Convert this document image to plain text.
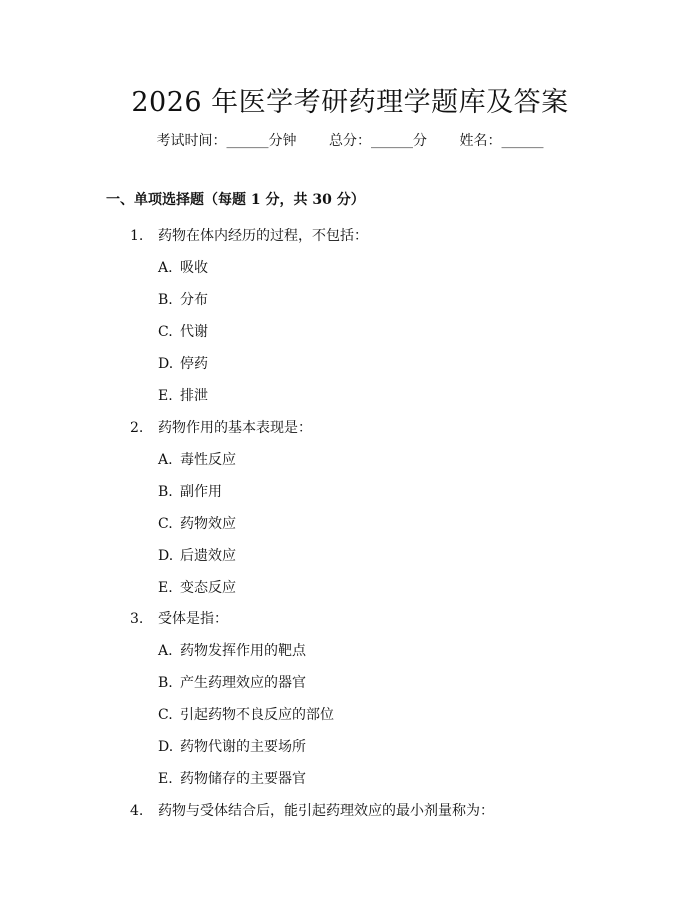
2026 年医学考研药理学题库及答案
考试时间：______分钟 总分：______分 姓名：______
一、单项选择题（每题 1 分，共 30 分）
1. 药物在体内经历的过程，不包括：
A. 吸收
B. 分布
C. 代谢
D. 停药
E. 排泄
2. 药物作用的基本表现是：
A. 毒性反应
B. 副作用
C. 药物效应
D. 后遗效应
E. 变态反应
3. 受体是指：
A. 药物发挥作用的靶点
B. 产生药理效应的器官
C. 引起药物不良反应的部位
D. 药物代谢的主要场所
E. 药物储存的主要器官
4. 药物与受体结合后，能引起药理效应的最小剂量称为：
